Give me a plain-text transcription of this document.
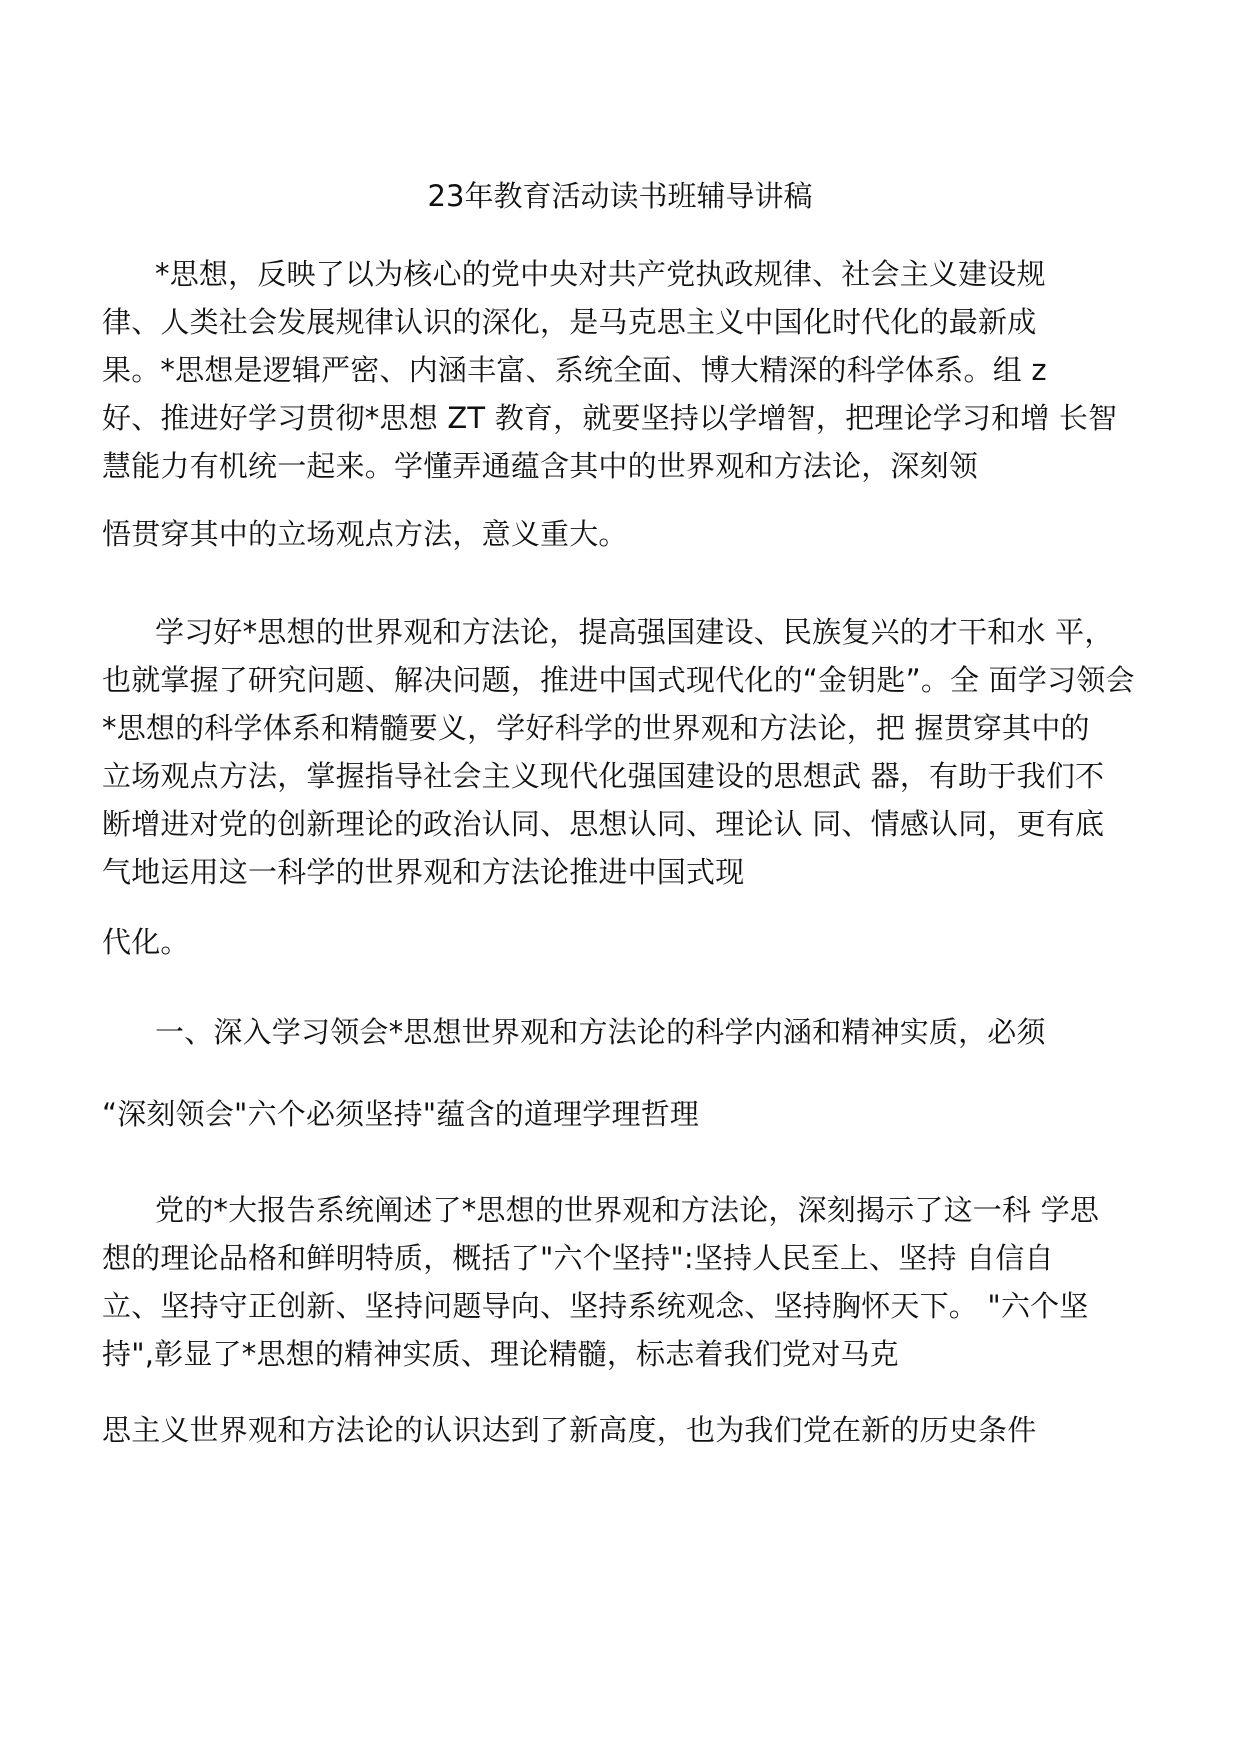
23年教育活动读书班辅导讲稿
*思想，反映了以为核心的党中央对共产党执政规律、社会主义建设规
律、人类社会发展规律认识的深化，是马克思主义中国化时代化的最新成
果。*思想是逻辑严密、内涵丰富、系统全面、博大精深的科学体系。组 z
好、推进好学习贯彻*思想 ZT 教育，就要坚持以学增智，把理论学习和增 长智
慧能力有机统一起来。学懂弄通蕴含其中的世界观和方法论，深刻领
悟贯穿其中的立场观点方法，意义重大。
学习好*思想的世界观和方法论，提高强国建设、民族复兴的才干和水 平，
也就掌握了研究问题、解决问题，推进中国式现代化的“金钥匙”。全 面学习领会
*思想的科学体系和精髓要义，学好科学的世界观和方法论，把 握贯穿其中的
立场观点方法，掌握指导社会主义现代化强国建设的思想武 器，有助于我们不
断增进对党的创新理论的政治认同、思想认同、理论认 同、情感认同，更有底
气地运用这一科学的世界观和方法论推进中国式现
代化。
一、深入学习领会*思想世界观和方法论的科学内涵和精神实质，必须
“深刻领会"六个必须坚持"蕴含的道理学理哲理
党的*大报告系统阐述了*思想的世界观和方法论，深刻揭示了这一科 学思
想的理论品格和鲜明特质，概括了"六个坚持":坚持人民至上、坚持 自信自
立、坚持守正创新、坚持问题导向、坚持系统观念、坚持胸怀天下。 "六个坚
持",彰显了*思想的精神实质、理论精髓，标志着我们党对马克
思主义世界观和方法论的认识达到了新高度，也为我们党在新的历史条件
